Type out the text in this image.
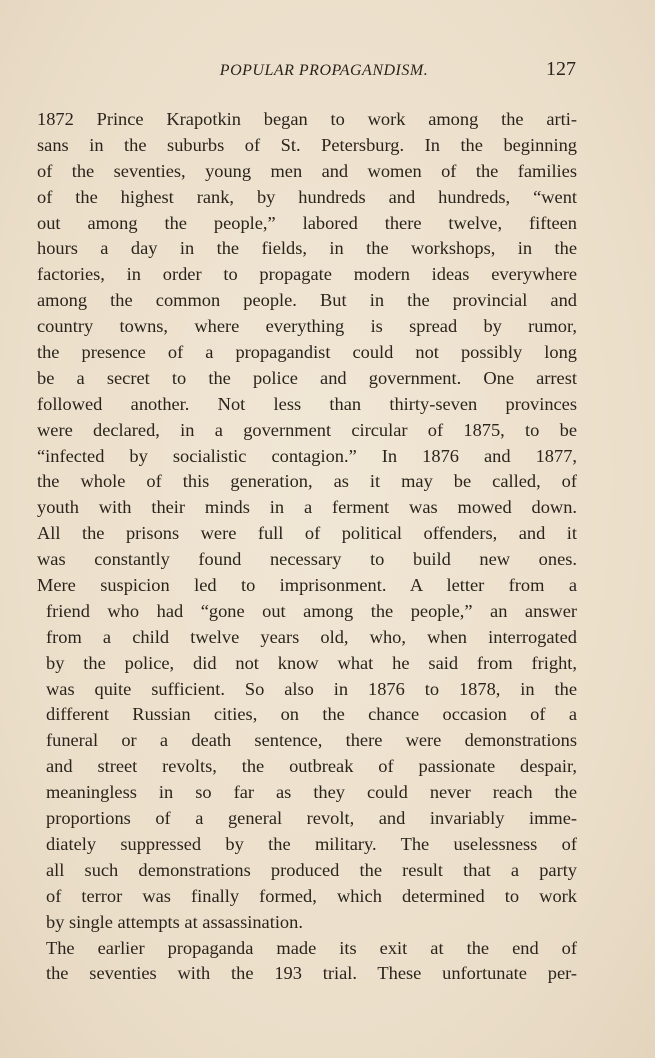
POPULAR PROPAGANDISM.	127
1872 Prince Krapotkin began to work among the arti-
sans in the suburbs of St. Petersburg. In the beginning
of the seventies, young men and women of the families
of the highest rank, by hundreds and hundreds, “went
out among the people,” labored there twelve, fifteen
hours a day in the fields, in the workshops, in the
factories, in order to propagate modern ideas everywhere
among the common people. But in the provincial and
country towns, where everything is spread by rumor,
the presence of a propagandist could not possibly long
be a secret to the police and government. One arrest
followed another. Not less than thirty-seven provinces
were declared, in a government circular of 1875, to be
“infected by socialistic contagion.” In 1876 and 1877,
the whole of this generation, as it may be called, of
youth with their minds in a ferment was mowed down.
All the prisons were full of political offenders, and it
was constantly found necessary to build new ones.
Mere suspicion led to imprisonment. A letter from a
friend who had “gone out among the people,” an answer
from a child twelve years old, who, when interrogated
by the police, did not know what he said from fright,
was quite sufficient. So also in 1876 to 1878, in the
different Russian cities, on the chance occasion of a
funeral or a death sentence, there were demonstrations
and street revolts, the outbreak of passionate despair,
meaningless in so far as they could never reach the
proportions of a general revolt, and invariably imme-
diately suppressed by the military. The uselessness of
all such demonstrations produced the result that a party
of terror was finally formed, which determined to work
by single attempts at assassination.
The earlier propaganda made its exit at the end of
the seventies with the 193 trial. These unfortunate per-
